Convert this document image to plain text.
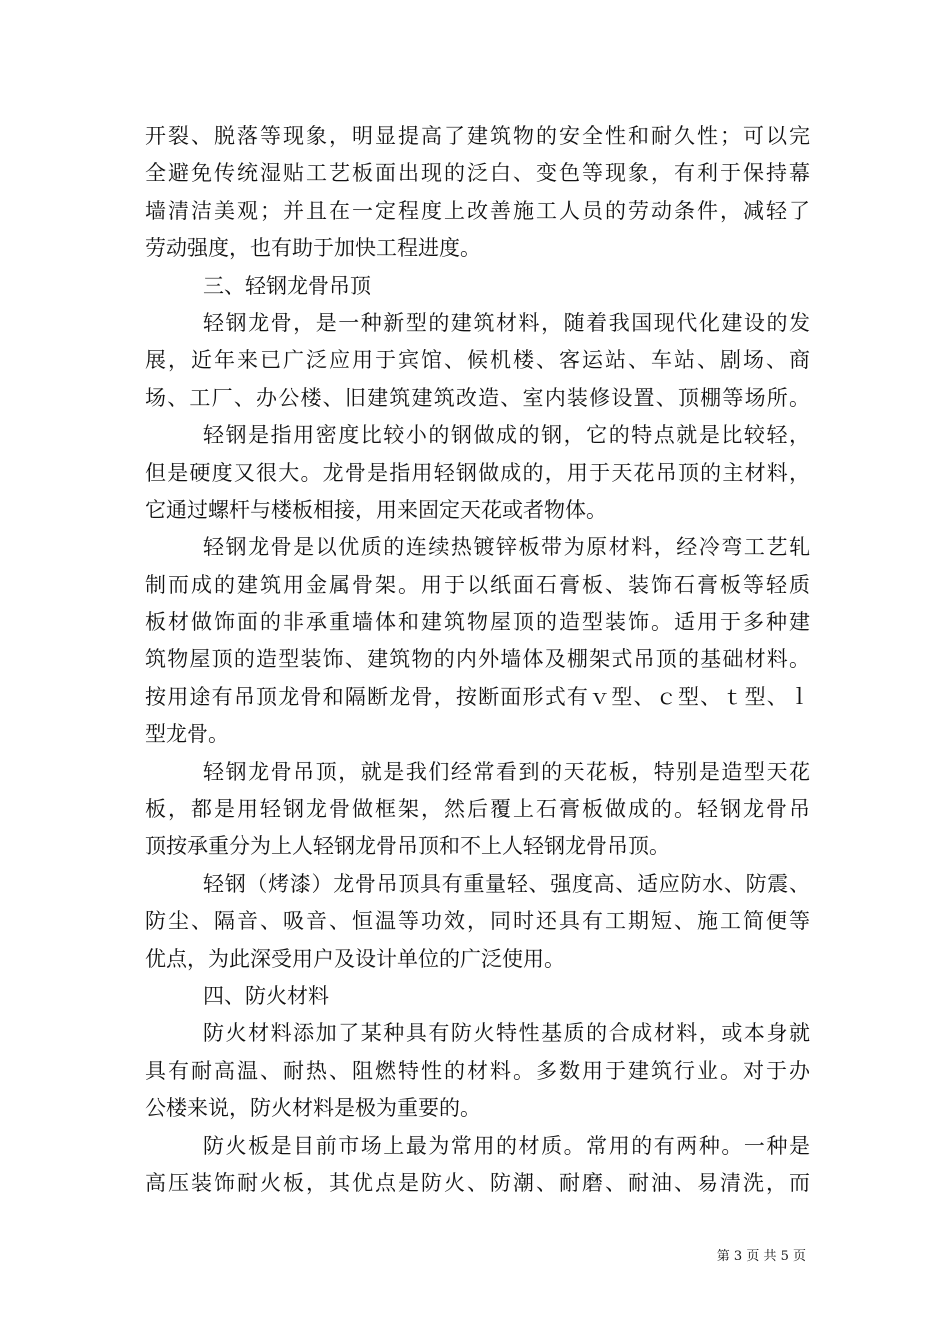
开裂、脱落等现象，明显提高了建筑物的安全性和耐久性；可以完
全避免传统湿贴工艺板面出现的泛白、变色等现象，有利于保持幕
墙清洁美观；并且在一定程度上改善施工人员的劳动条件，减轻了
劳动强度，也有助于加快工程进度。
三、轻钢龙骨吊顶
轻钢龙骨，是一种新型的建筑材料，随着我国现代化建设的发
展，近年来已广泛应用于宾馆、候机楼、客运站、车站、剧场、商
场、工厂、办公楼、旧建筑建筑改造、室内装修设置、顶棚等场所。
轻钢是指用密度比较小的钢做成的钢，它的特点就是比较轻，
但是硬度又很大。龙骨是指用轻钢做成的，用于天花吊顶的主材料，
它通过螺杆与楼板相接，用来固定天花或者物体。
轻钢龙骨是以优质的连续热镀锌板带为原材料，经冷弯工艺轧
制而成的建筑用金属骨架。用于以纸面石膏板、装饰石膏板等轻质
板材做饰面的非承重墙体和建筑物屋顶的造型装饰。适用于多种建
筑物屋顶的造型装饰、建筑物的内外墙体及棚架式吊顶的基础材料。
按用途有吊顶龙骨和隔断龙骨，按断面形式有ｖ型、ｃ型、ｔ型、ｌ
型龙骨。
轻钢龙骨吊顶，就是我们经常看到的天花板，特别是造型天花
板，都是用轻钢龙骨做框架，然后覆上石膏板做成的。轻钢龙骨吊
顶按承重分为上人轻钢龙骨吊顶和不上人轻钢龙骨吊顶。
轻钢（烤漆）龙骨吊顶具有重量轻、强度高、适应防水、防震、
防尘、隔音、吸音、恒温等功效，同时还具有工期短、施工简便等
优点，为此深受用户及设计单位的广泛使用。
四、防火材料
防火材料添加了某种具有防火特性基质的合成材料，或本身就
具有耐高温、耐热、阻燃特性的材料。多数用于建筑行业。对于办
公楼来说，防火材料是极为重要的。
防火板是目前市场上最为常用的材质。常用的有两种。一种是
高压装饰耐火板，其优点是防火、防潮、耐磨、耐油、易清洗，而
第 3 页 共 5 页
